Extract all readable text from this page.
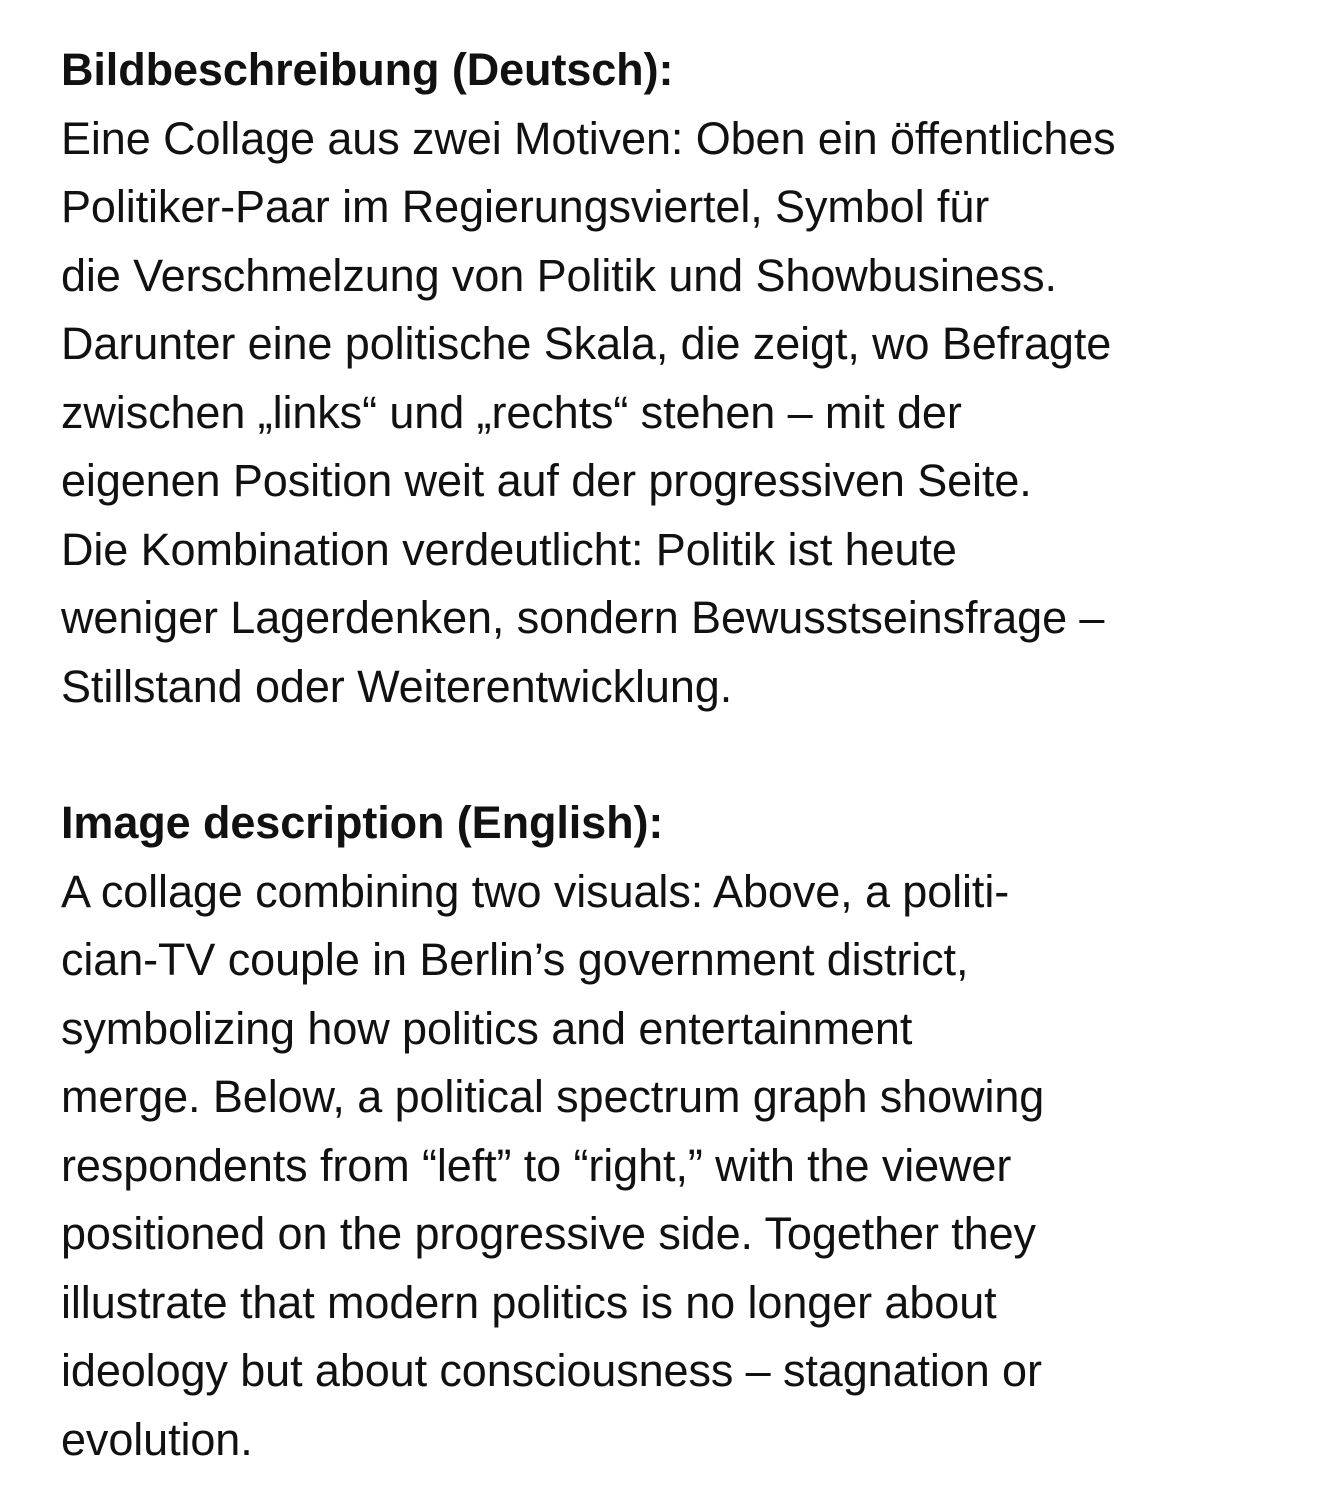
Bildbeschreibung (Deutsch):
Eine Collage aus zwei Motiven: Oben ein öffentliches
Politiker-Paar im Regierungsviertel, Symbol für
die Verschmelzung von Politik und Showbusiness.
Darunter eine politische Skala, die zeigt, wo Befragte
zwischen „links“ und „rechts“ stehen – mit der
eigenen Position weit auf der progressiven Seite.
Die Kombination verdeutlicht: Politik ist heute
weniger Lagerdenken, sondern Bewusstseinsfrage –
Stillstand oder Weiterentwicklung.
Image description (English):
A collage combining two visuals: Above, a politi-
cian-TV couple in Berlin’s government district,
symbolizing how politics and entertainment
merge. Below, a political spectrum graph showing
respondents from “left” to “right,” with the viewer
positioned on the progressive side. Together they
illustrate that modern politics is no longer about
ideology but about consciousness – stagnation or
evolution.
